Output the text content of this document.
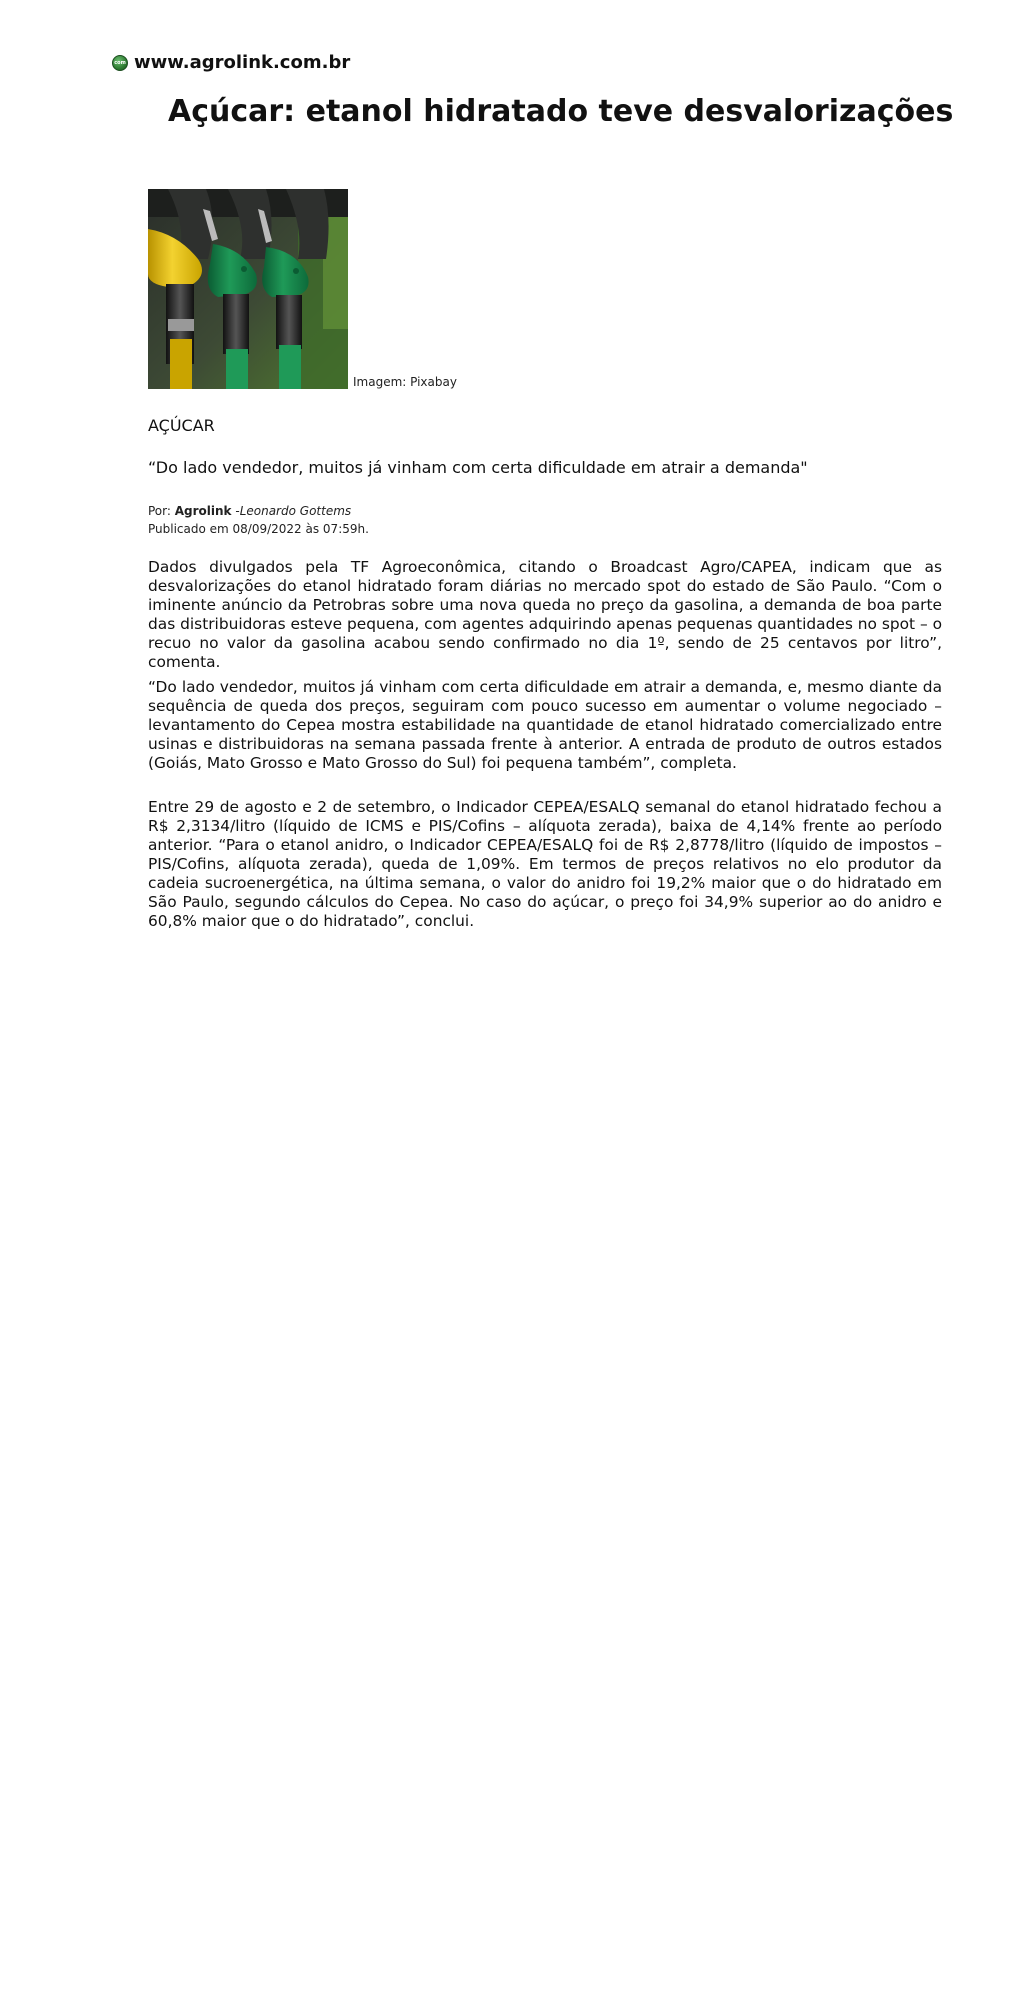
com www.agrolink.com.br
Açúcar: etanol hidratado teve desvalorizações
Imagem: Pixabay
AÇÚCAR
“Do lado vendedor, muitos já vinham com certa dificuldade em atrair a demanda"
Por: Agrolink -Leonardo Gottems
Publicado em 08/09/2022 às 07:59h.

Dados divulgados pela TF Agroeconômica, citando o Broadcast Agro/CAPEA, indicam que as desvalorizações do etanol hidratado foram diárias no mercado spot do estado de São Paulo. “Com o iminente anúncio da Petrobras sobre uma nova queda no preço da gasolina, a demanda de boa parte das distribuidoras esteve pequena, com agentes adquirindo apenas pequenas quantidades no spot – o recuo no valor da gasolina acabou sendo confirmado no dia 1º, sendo de 25 centavos por litro”, comenta.

“Do lado vendedor, muitos já vinham com certa dificuldade em atrair a demanda, e, mesmo diante da sequência de queda dos preços, seguiram com pouco sucesso em aumentar o volume negociado – levantamento do Cepea mostra estabilidade na quantidade de etanol hidratado comercializado entre usinas e distribuidoras na semana passada frente à anterior. A entrada de produto de outros estados (Goiás, Mato Grosso e Mato Grosso do Sul) foi pequena também”, completa.

Entre 29 de agosto e 2 de setembro, o Indicador CEPEA/ESALQ semanal do etanol hidratado fechou a R$ 2,3134/litro (líquido de ICMS e PIS/Cofins – alíquota zerada), baixa de 4,14% frente ao período anterior. “Para o etanol anidro, o Indicador CEPEA/ESALQ foi de R$ 2,8778/litro (líquido de impostos – PIS/Cofins, alíquota zerada), queda de 1,09%. Em termos de preços relativos no elo produtor da cadeia sucroenergética, na última semana, o valor do anidro foi 19,2% maior que o do hidratado em São Paulo, segundo cálculos do Cepea. No caso do açúcar, o preço foi 34,9% superior ao do anidro e 60,8% maior que o do hidratado”, conclui.
